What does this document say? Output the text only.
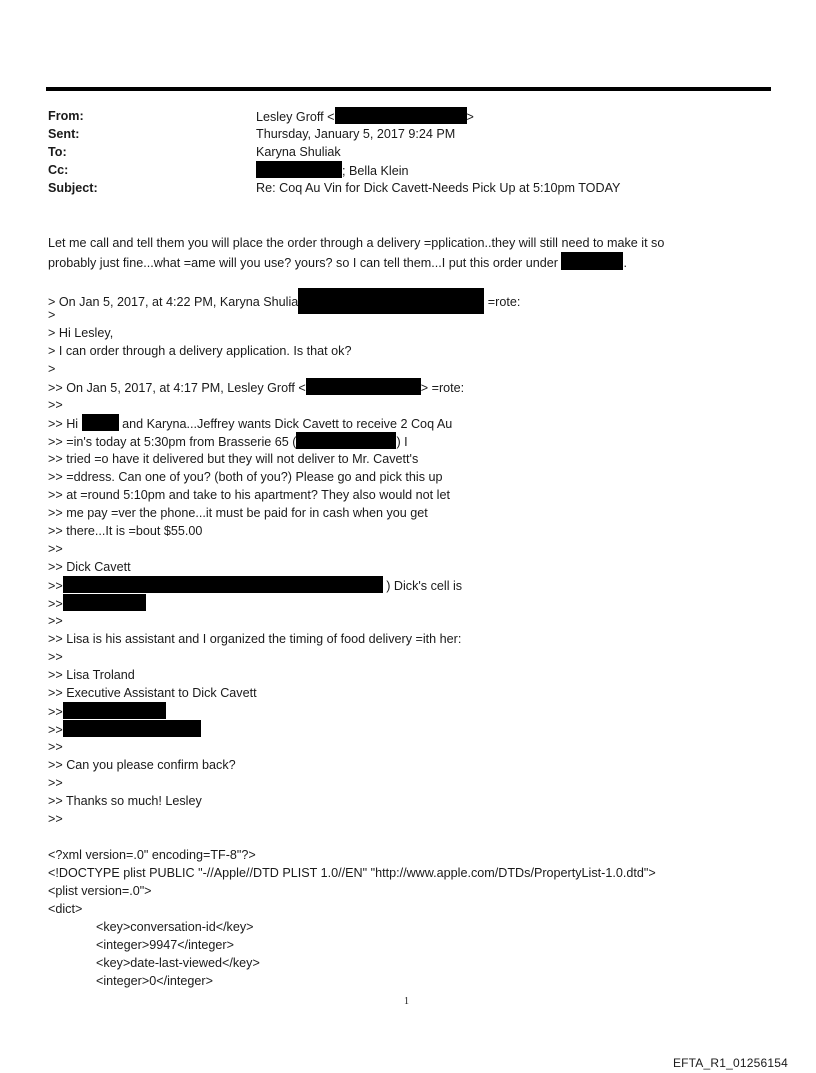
From:	Lesley Groff <	>
Sent:	Thursday, January 5, 2017 9:24 PM
To:	Karyna Shuliak
Cc:	; Bella Klein
Subject:	Re: Coq Au Vin for Dick Cavett-Needs Pick Up at 5:10pm TODAY
Let me call and tell them you will place the order through a delivery =pplication..they will still need to make it so
probably just fine...what =ame will you use? yours? so I can tell them...I put this order under	.
> On Jan 5, 2017, at 4:22 PM, Karyna Shulia	=rote:
>
> Hi Lesley,
> I can order through a delivery application. Is that ok?
>
>> On Jan 5, 2017, at 4:17 PM, Lesley Groff <	> =rote:
>>
>> Hi	and Karyna...Jeffrey wants Dick Cavett to receive 2 Coq Au
>> =in's today at 5:30pm from Brasserie 65 (	) I
>> tried =o have it delivered but they will not deliver to Mr. Cavett's
>> =ddress. Can one of you? (both of you?) Please go and pick this up
>> at =round 5:10pm and take to his apartment? They also would not let
>> me pay =ver the phone...it must be paid for in cash when you get
>> there...It is =bout $55.00
>>
>> Dick Cavett
>>	) Dick's cell is
>>
>>
>> Lisa is his assistant and I organized the timing of food delivery =ith her:
>>
>> Lisa Troland
>> Executive Assistant to Dick Cavett
>>
>>
>>
>> Can you please confirm back?
>>
>> Thanks so much! Lesley
>>
<?xml version=.0" encoding=TF-8"?>
<!DOCTYPE plist PUBLIC "-//Apple//DTD PLIST 1.0//EN" "http://www.apple.com/DTDs/PropertyList-1.0.dtd">
<plist version=.0">
<dict>
<key>conversation-id</key>
<integer>9947</integer>
<key>date-last-viewed</key>
<integer>0</integer>
1
EFTA_R1_01256154
